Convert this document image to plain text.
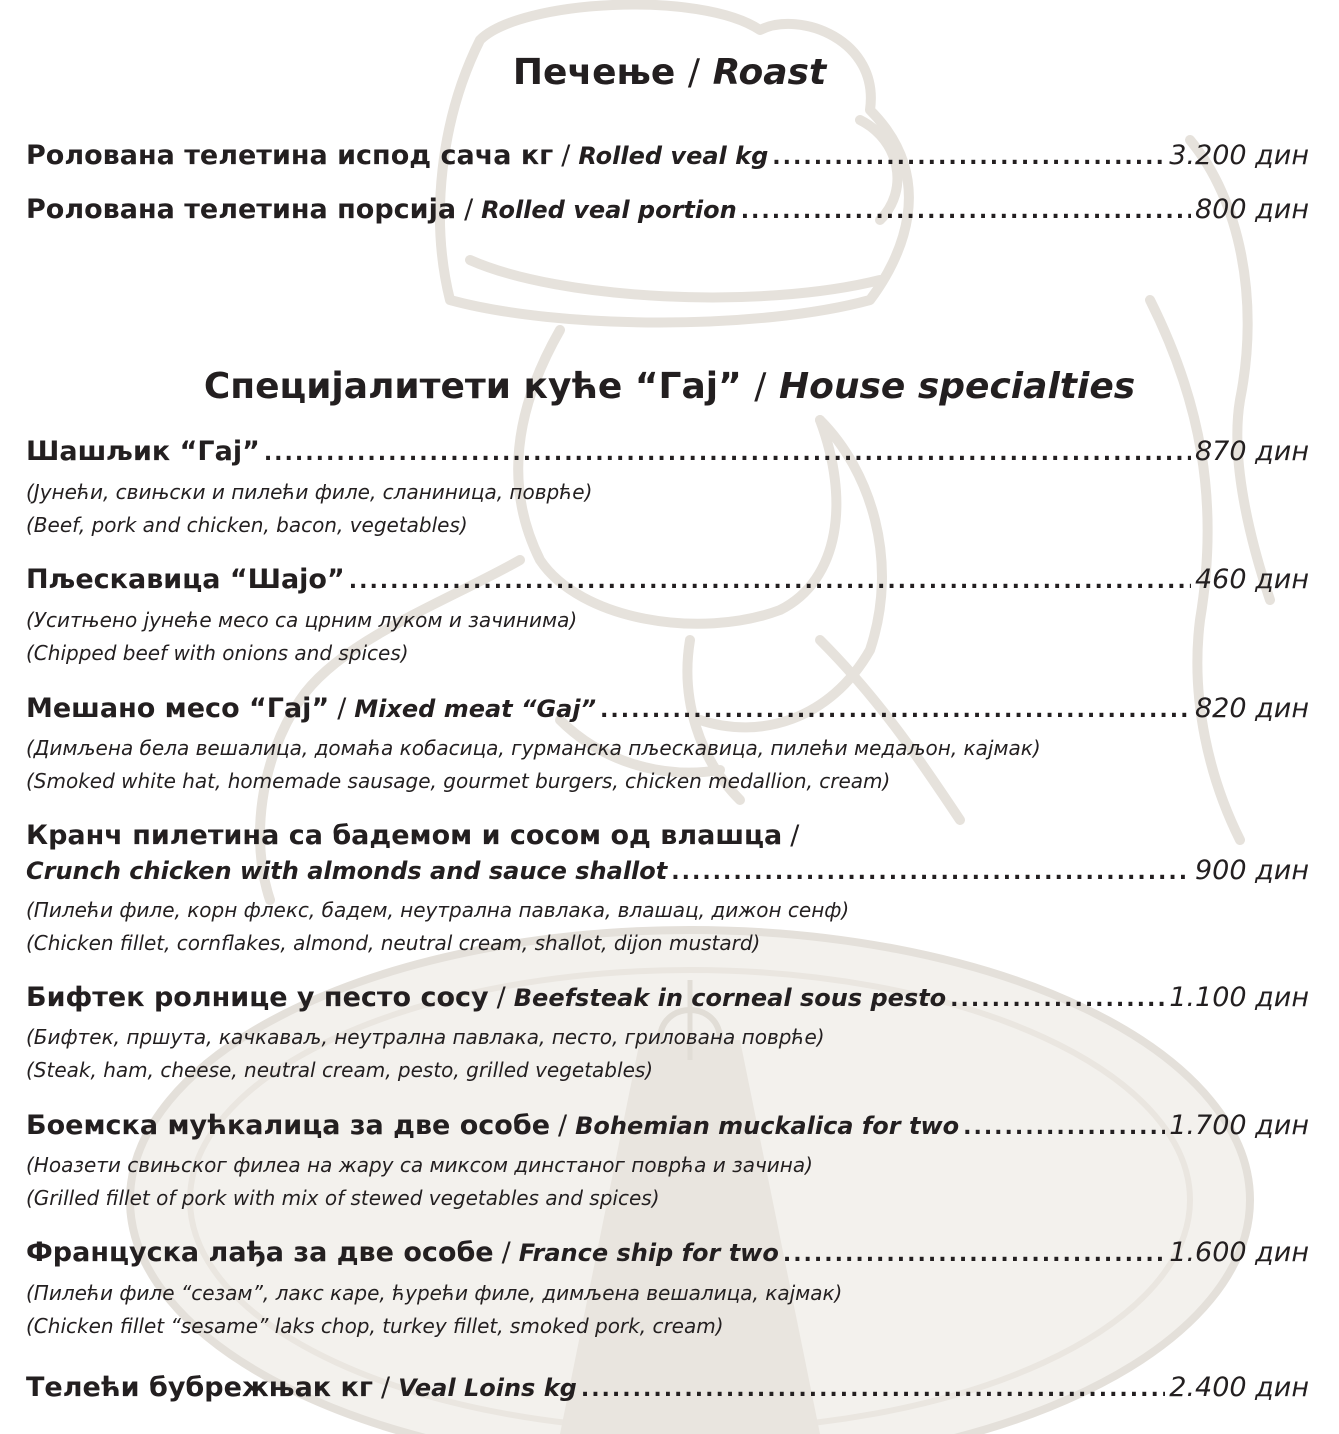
Печење / Roast
Ролована телетина испод сача кг / Rolled veal kg .....	3.200 дин
Ролована телетина порсија / Rolled veal portion .....	800 дин
Специјалитети куће “Гај” / House specialties
Шашљик “Гај” .....	870 дин
(Јунећи, свињски и пилећи филе, сланиница, поврће)
(Beef, pork and chicken, bacon, vegetables)
Пљескавица “Шајо” .....	460 дин
(Уситњено јунеће месо са црним луком и зачинима)
(Chipped beef with onions and spices)
Мешано месо “Гај” / Mixed meat “Gaj” .....	820 дин
(Димљена бела вешалица, домаћа кобасица, гурманска пљескавица, пилећи медаљон, кајмак)
(Smoked white hat, homemade sausage, gourmet burgers, chicken medallion, cream)
Кранч пилетина са бадемом и сосом од влашца /
Crunch chicken with almonds and sauce shallot .....	900 дин
(Пилећи филе, корн флекс, бадем, неутрална павлака, влашац, дижон сенф)
(Chicken fillet, cornflakes, almond, neutral cream, shallot, dijon mustard)
Бифтек ролнице у песто сосу / Beefsteak in corneal sous pesto .....	1.100 дин
(Бифтек, пршута, качкаваљ, неутрална павлака, песто, грилована поврће)
(Steak, ham, cheese, neutral cream, pesto, grilled vegetables)
Боемска мућкалица за две особе / Bohemian muckalica for two .....	1.700 дин
(Ноазети свињског филеа на жару са миксом динстаног поврћа и зачина)
(Grilled fillet of pork with mix of stewed vegetables and spices)
Француска лађа за две особе / France ship for two .....	1.600 дин
(Пилећи филе “сезам”, лакс каре, ћурећи филе, димљена вешалица, кајмак)
(Chicken fillet “sesame” laks chop, turkey fillet, smoked pork, cream)
Телећи бубрежњак кг / Veal Loins kg .....	2.400 дин
